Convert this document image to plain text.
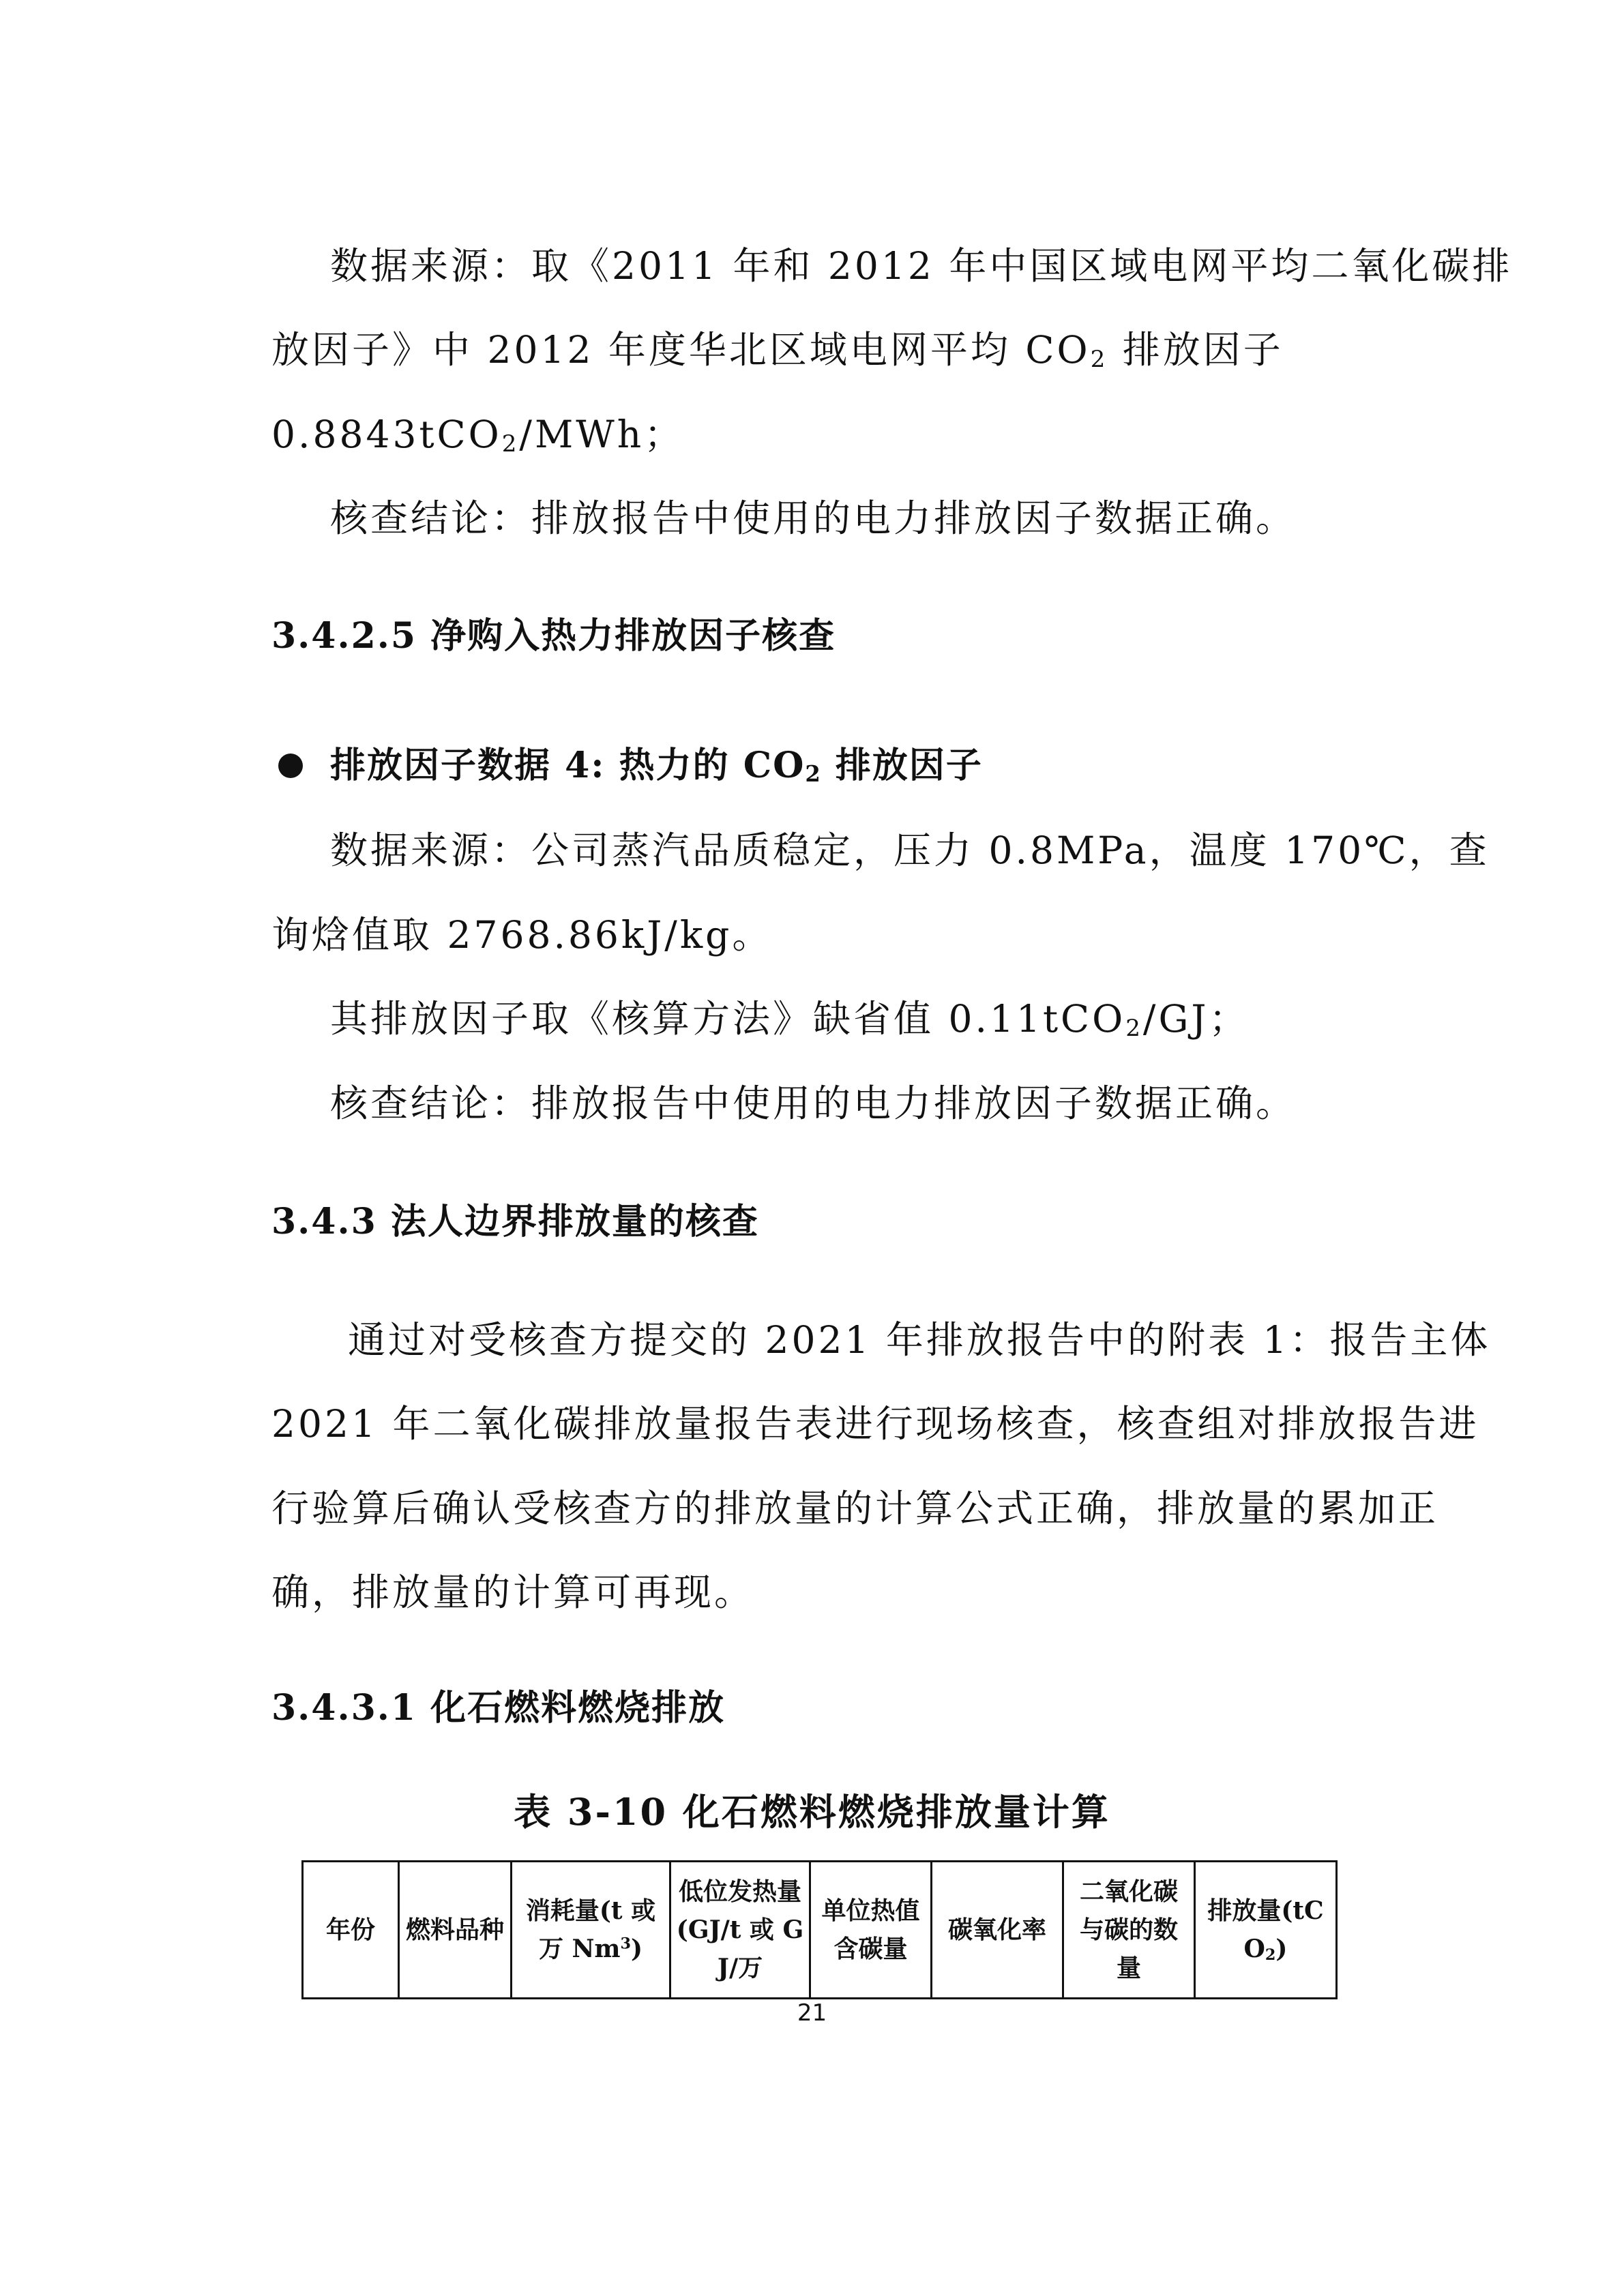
数据来源：取《2011 年和 2012 年中国区域电网平均二氧化碳排
放因子》中 2012 年度华北区域电网平均 $CO_2$ 排放因子
0.8843tCO$_2$/MWh；
核查结论：排放报告中使用的电力排放因子数据正确。
3.4.2.5 净购入热力排放因子核查
排放因子数据 4: 热力的 $CO_2$ 排放因子
数据来源：公司蒸汽品质稳定，压力 0.8MPa，温度 170℃，查
询焓值取 2768.86kJ/kg。
其排放因子取《核算方法》缺省值 0.11tCO$_2$/GJ；
核查结论：排放报告中使用的电力排放因子数据正确。
3.4.3 法人边界排放量的核查
通过对受核查方提交的 2021 年排放报告中的附表 1：报告主体
2021 年二氧化碳排放量报告表进行现场核查，核查组对排放报告进
行验算后确认受核查方的排放量的计算公式正确，排放量的累加正
确，排放量的计算可再现。
3.4.3.1 化石燃料燃烧排放
表 3-10 化石燃料燃烧排放量计算
年份	燃料品种	消耗量(t 或万 Nm$^3$)	低位发热量(GJ/t 或 GJ/万	单位热值含碳量	碳氧化率	二氧化碳与碳的数量	排放量(tCO$_2$)
21
